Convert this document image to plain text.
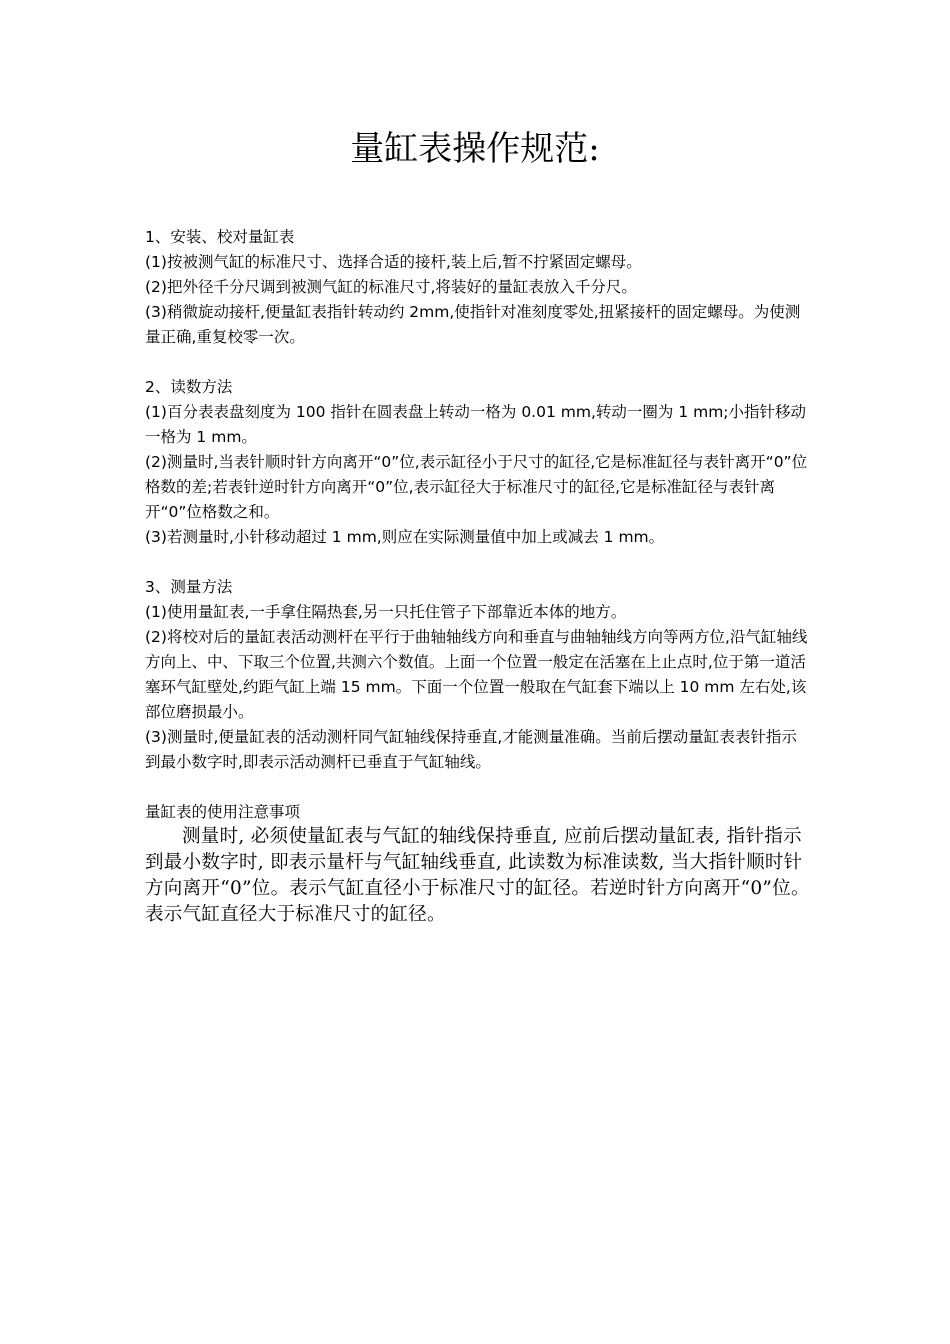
量缸表操作规范:

1、安装、校对量缸表

(1)按被测气缸的标准尺寸、选择合适的接杆,装上后,暂不拧紧固定螺母。

(2)把外径千分尺调到被测气缸的标准尺寸,将装好的量缸表放入千分尺。

(3)稍微旋动接杆,便量缸表指针转动约 2mm,使指针对准刻度零处,扭紧接杆的固定螺母。为使测量正确,重复校零一次。

2、读数方法

(1)百分表表盘刻度为 100 指针在圆表盘上转动一格为 0.01 mm,转动一圈为 1 mm;小指针移动一格为 1 mm。

(2)测量时,当表针顺时针方向离开“0”位,表示缸径小于尺寸的缸径,它是标准缸径与表针离开“0”位格数的差;若表针逆时针方向离开“0”位,表示缸径大于标准尺寸的缸径,它是标准缸径与表针离开“0”位格数之和。

(3)若测量时,小针移动超过 1 mm,则应在实际测量值中加上或减去 1 mm。

3、测量方法

(1)使用量缸表,一手拿住隔热套,另一只托住管子下部靠近本体的地方。

(2)将校对后的量缸表活动测杆在平行于曲轴轴线方向和垂直与曲轴轴线方向等两方位,沿气缸轴线方向上、中、下取三个位置,共测六个数值。上面一个位置一般定在活塞在上止点时,位于第一道活塞环气缸壁处,约距气缸上端 15 mm。下面一个位置一般取在气缸套下端以上 10 mm 左右处,该部位磨损最小。

(3)测量时,便量缸表的活动测杆同气缸轴线保持垂直,才能测量准确。当前后摆动量缸表表针指示到最小数字时,即表示活动测杆已垂直于气缸轴线。

量缸表的使用注意事项

测量时, 必须使量缸表与气缸的轴线保持垂直, 应前后摆动量缸表, 指针指示到最小数字时, 即表示量杆与气缸轴线垂直, 此读数为标准读数, 当大指针顺时针方向离开“0”位。表示气缸直径小于标准尺寸的缸径。若逆时针方向离开“0”位。表示气缸直径大于标准尺寸的缸径。
